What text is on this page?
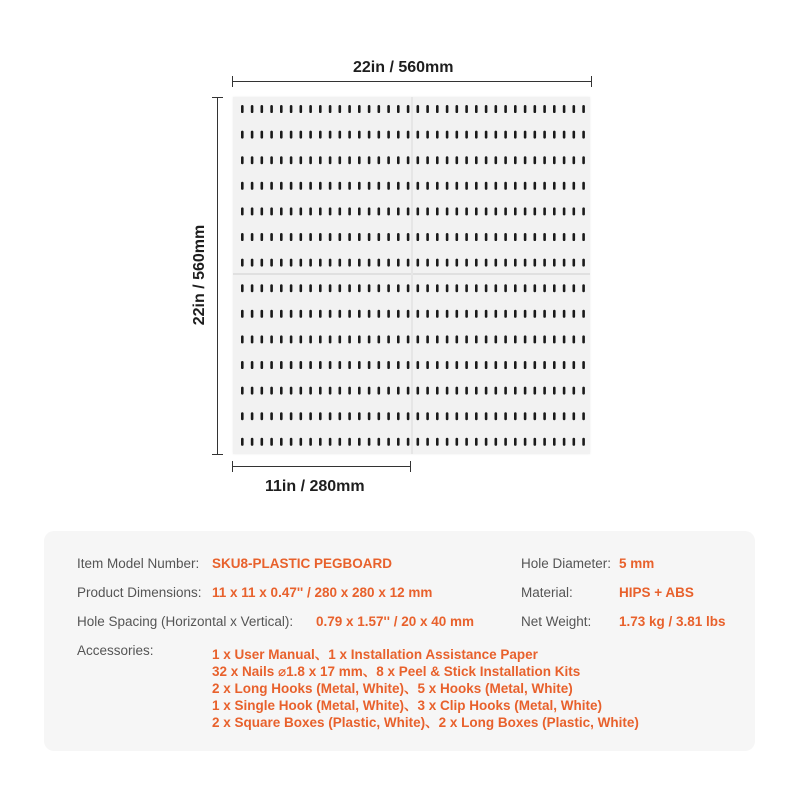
22in / 560mm
22in / 560mm
11in / 280mm
Item Model Number: SKU8-PLASTIC PEGBOARD
Product Dimensions: 11 x 11 x 0.47'' / 280 x 280 x 12 mm
Hole Spacing (Horizontal x Vertical): 0.79 x 1.57'' / 20 x 40 mm
Hole Diameter: 5 mm
Material:	HIPS + ABS
Net Weight: 1.73 kg / 3.81 lbs
Accessories:	1 x User Manual、1 x Installation Assistance Paper
32 x Nails ⌀1.8 x 17 mm、8 x Peel & Stick Installation Kits
2 x Long Hooks (Metal, White)、5 x Hooks (Metal, White)
1 x Single Hook (Metal, White)、3 x Clip Hooks (Metal, White)
2 x Square Boxes (Plastic, White)、2 x Long Boxes (Plastic, White)
